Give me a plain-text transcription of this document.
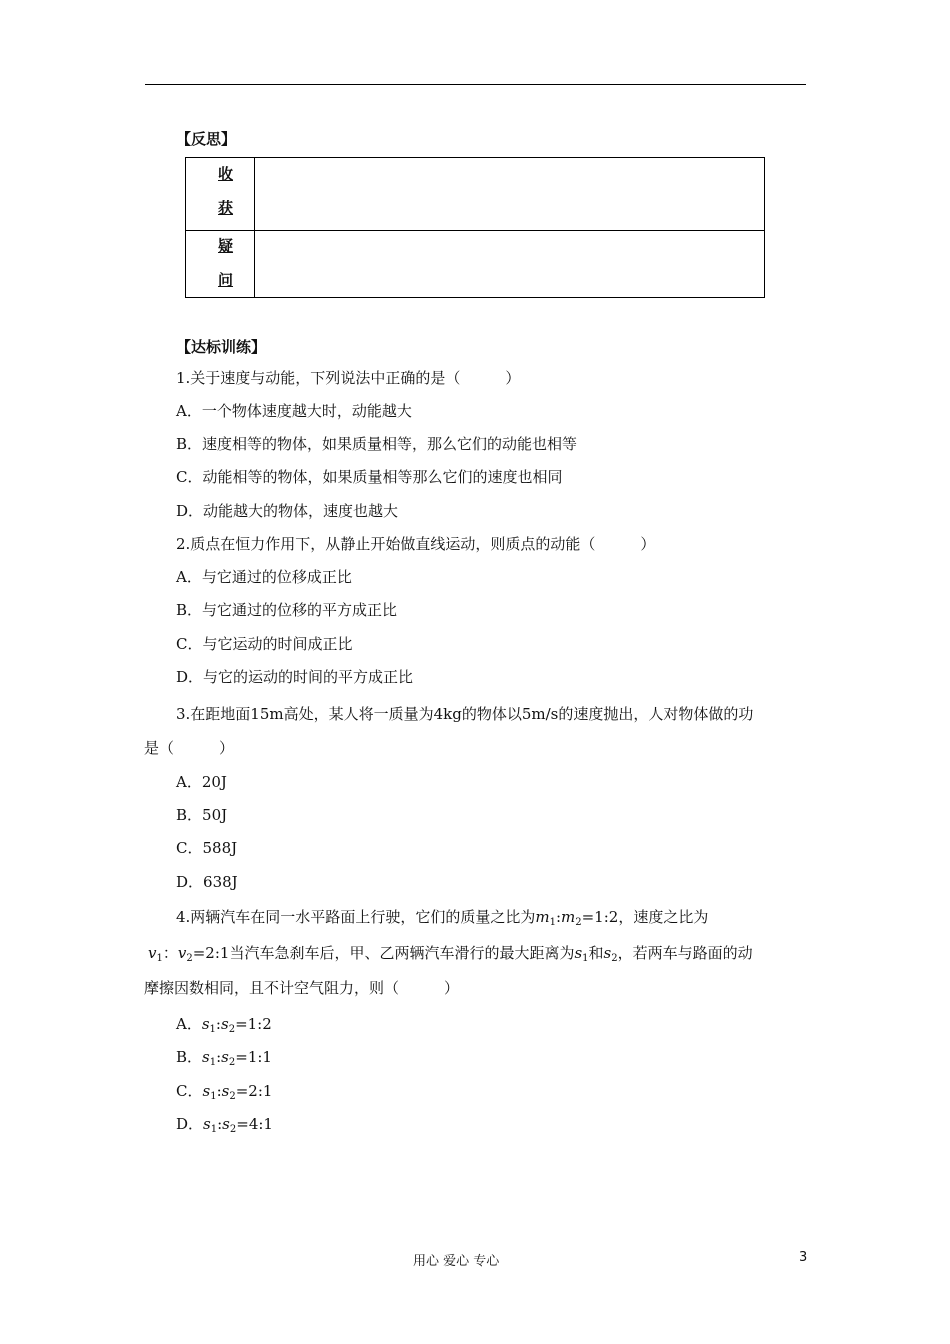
【反思】
收
获	

疑
问	

【达标训练】
1.关于速度与动能，下列说法中正确的是（　　　）
A．一个物体速度越大时，动能越大
B．速度相等的物体，如果质量相等，那么它们的动能也相等
C．动能相等的物体，如果质量相等那么它们的速度也相同
D．动能越大的物体，速度也越大
2.质点在恒力作用下，从静止开始做直线运动，则质点的动能（　　　）
A．与它通过的位移成正比
B．与它通过的位移的平方成正比
C．与它运动的时间成正比
D．与它的运动的时间的平方成正比
3.在距地面15m高处，某人将一质量为4kg的物体以5m/s的速度抛出，人对物体做的功
是（　　　）
A．20J
B．50J
C．588J
D．638J
4.两辆汽车在同一水平路面上行驶，它们的质量之比为$m_1:m_2=1:2$，速度之比为
$v_1$：$v_2=2:1$当汽车急刹车后，甲、乙两辆汽车滑行的最大距离为$s_1$和$s_2$，若两车与路面的动
摩擦因数相同，且不计空气阻力，则（　　　）
A．$s_1:s_2=1:2$
B．$s_1:s_2=1:1$
C．$s_1:s_2=2:1$
D．$s_1:s_2=4:1$
用心 爱心 专心	3
